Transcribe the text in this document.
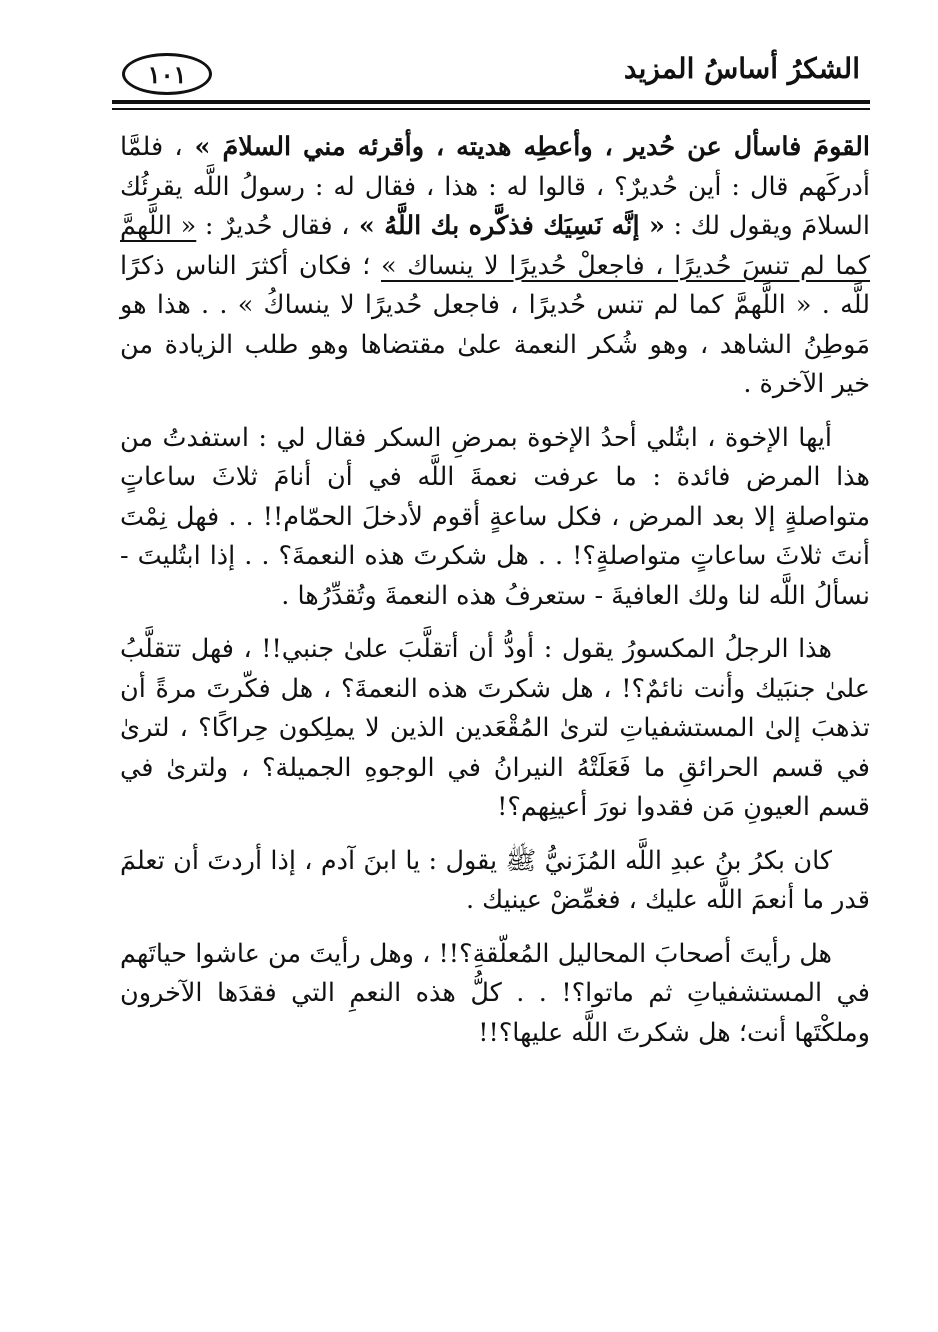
الشكرُ أساسُ المزيد
١٠١

القومَ فاسأل عن حُدير ، وأعطِه هديته ، وأقرئه مني السلامَ » ، فلمَّا أدركَهم قال : أين حُديرٌ؟ ، قالوا له : هذا ، فقال له : رسولُ اللَّه يقرئُك السلامَ ويقول لك : « إنَّه نَسِيَك فذكَّره بك اللَّهُ » ، فقال حُديرٌ : « اللَّهمَّ كما لم تنسَ حُديرًا ، فاجعلْ حُديرًا لا ينساك » ؛ فكان أكثرَ الناس ذكرًا للَّه . « اللَّهمَّ كما لم تنس حُديرًا ، فاجعل حُديرًا لا ينساكُ » . . هذا هو مَوطِنُ الشاهد ، وهو شُكر النعمة علىٰ مقتضاها وهو طلب الزيادة من خير الآخرة .

أيها الإخوة ، ابتُلي أحدُ الإخوة بمرضِ السكر فقال لي : استفدتُ من هذا المرض فائدة : ما عرفت نعمةَ اللَّه في أن أنامَ ثلاثَ ساعاتٍ متواصلةٍ إلا بعد المرض ، فكل ساعةٍ أقوم لأدخلَ الحمّام!! . . فهل نِمْتَ أنتَ ثلاثَ ساعاتٍ متواصلةٍ؟! . . هل شكرتَ هذه النعمةَ؟ . . إذا ابتُليتَ - نسألُ اللَّه لنا ولك العافيةَ - ستعرفُ هذه النعمةَ وتُقدِّرُها .

هذا الرجلُ المكسورُ يقول : أودُّ أن أتقلَّبَ علىٰ جنبي!! ، فهل تتقلَّبُ علىٰ جنبَيك وأنت نائمٌ؟! ، هل شكرتَ هذه النعمةَ؟ ، هل فكّرتَ مرةً أن تذهبَ إلىٰ المستشفياتِ لترىٰ المُقْعَدين الذين لا يملِكون حِراكًا؟ ، لترىٰ في قسم الحرائقِ ما فَعَلَتْهُ النيرانُ في الوجوهِ الجميلة؟ ، ولترىٰ في قسم العيونِ مَن فقدوا نورَ أعينِهم؟!

كان بكرُ بنُ عبدِ اللَّه المُزَنيُّ ﷺ يقول : يا ابنَ آدم ، إذا أردتَ أن تعلمَ قدر ما أنعمَ اللَّه عليك ، فغمِّضْ عينيك .

هل رأيتَ أصحابَ المحاليل المُعلّقةِ؟!! ، وهل رأيتَ من عاشوا حياتَهم في المستشفياتِ ثم ماتوا؟! . . كلُّ هذه النعمِ التي فقدَها الآخرون وملكْتَها أنت؛ هل شكرتَ اللَّه عليها؟!!
